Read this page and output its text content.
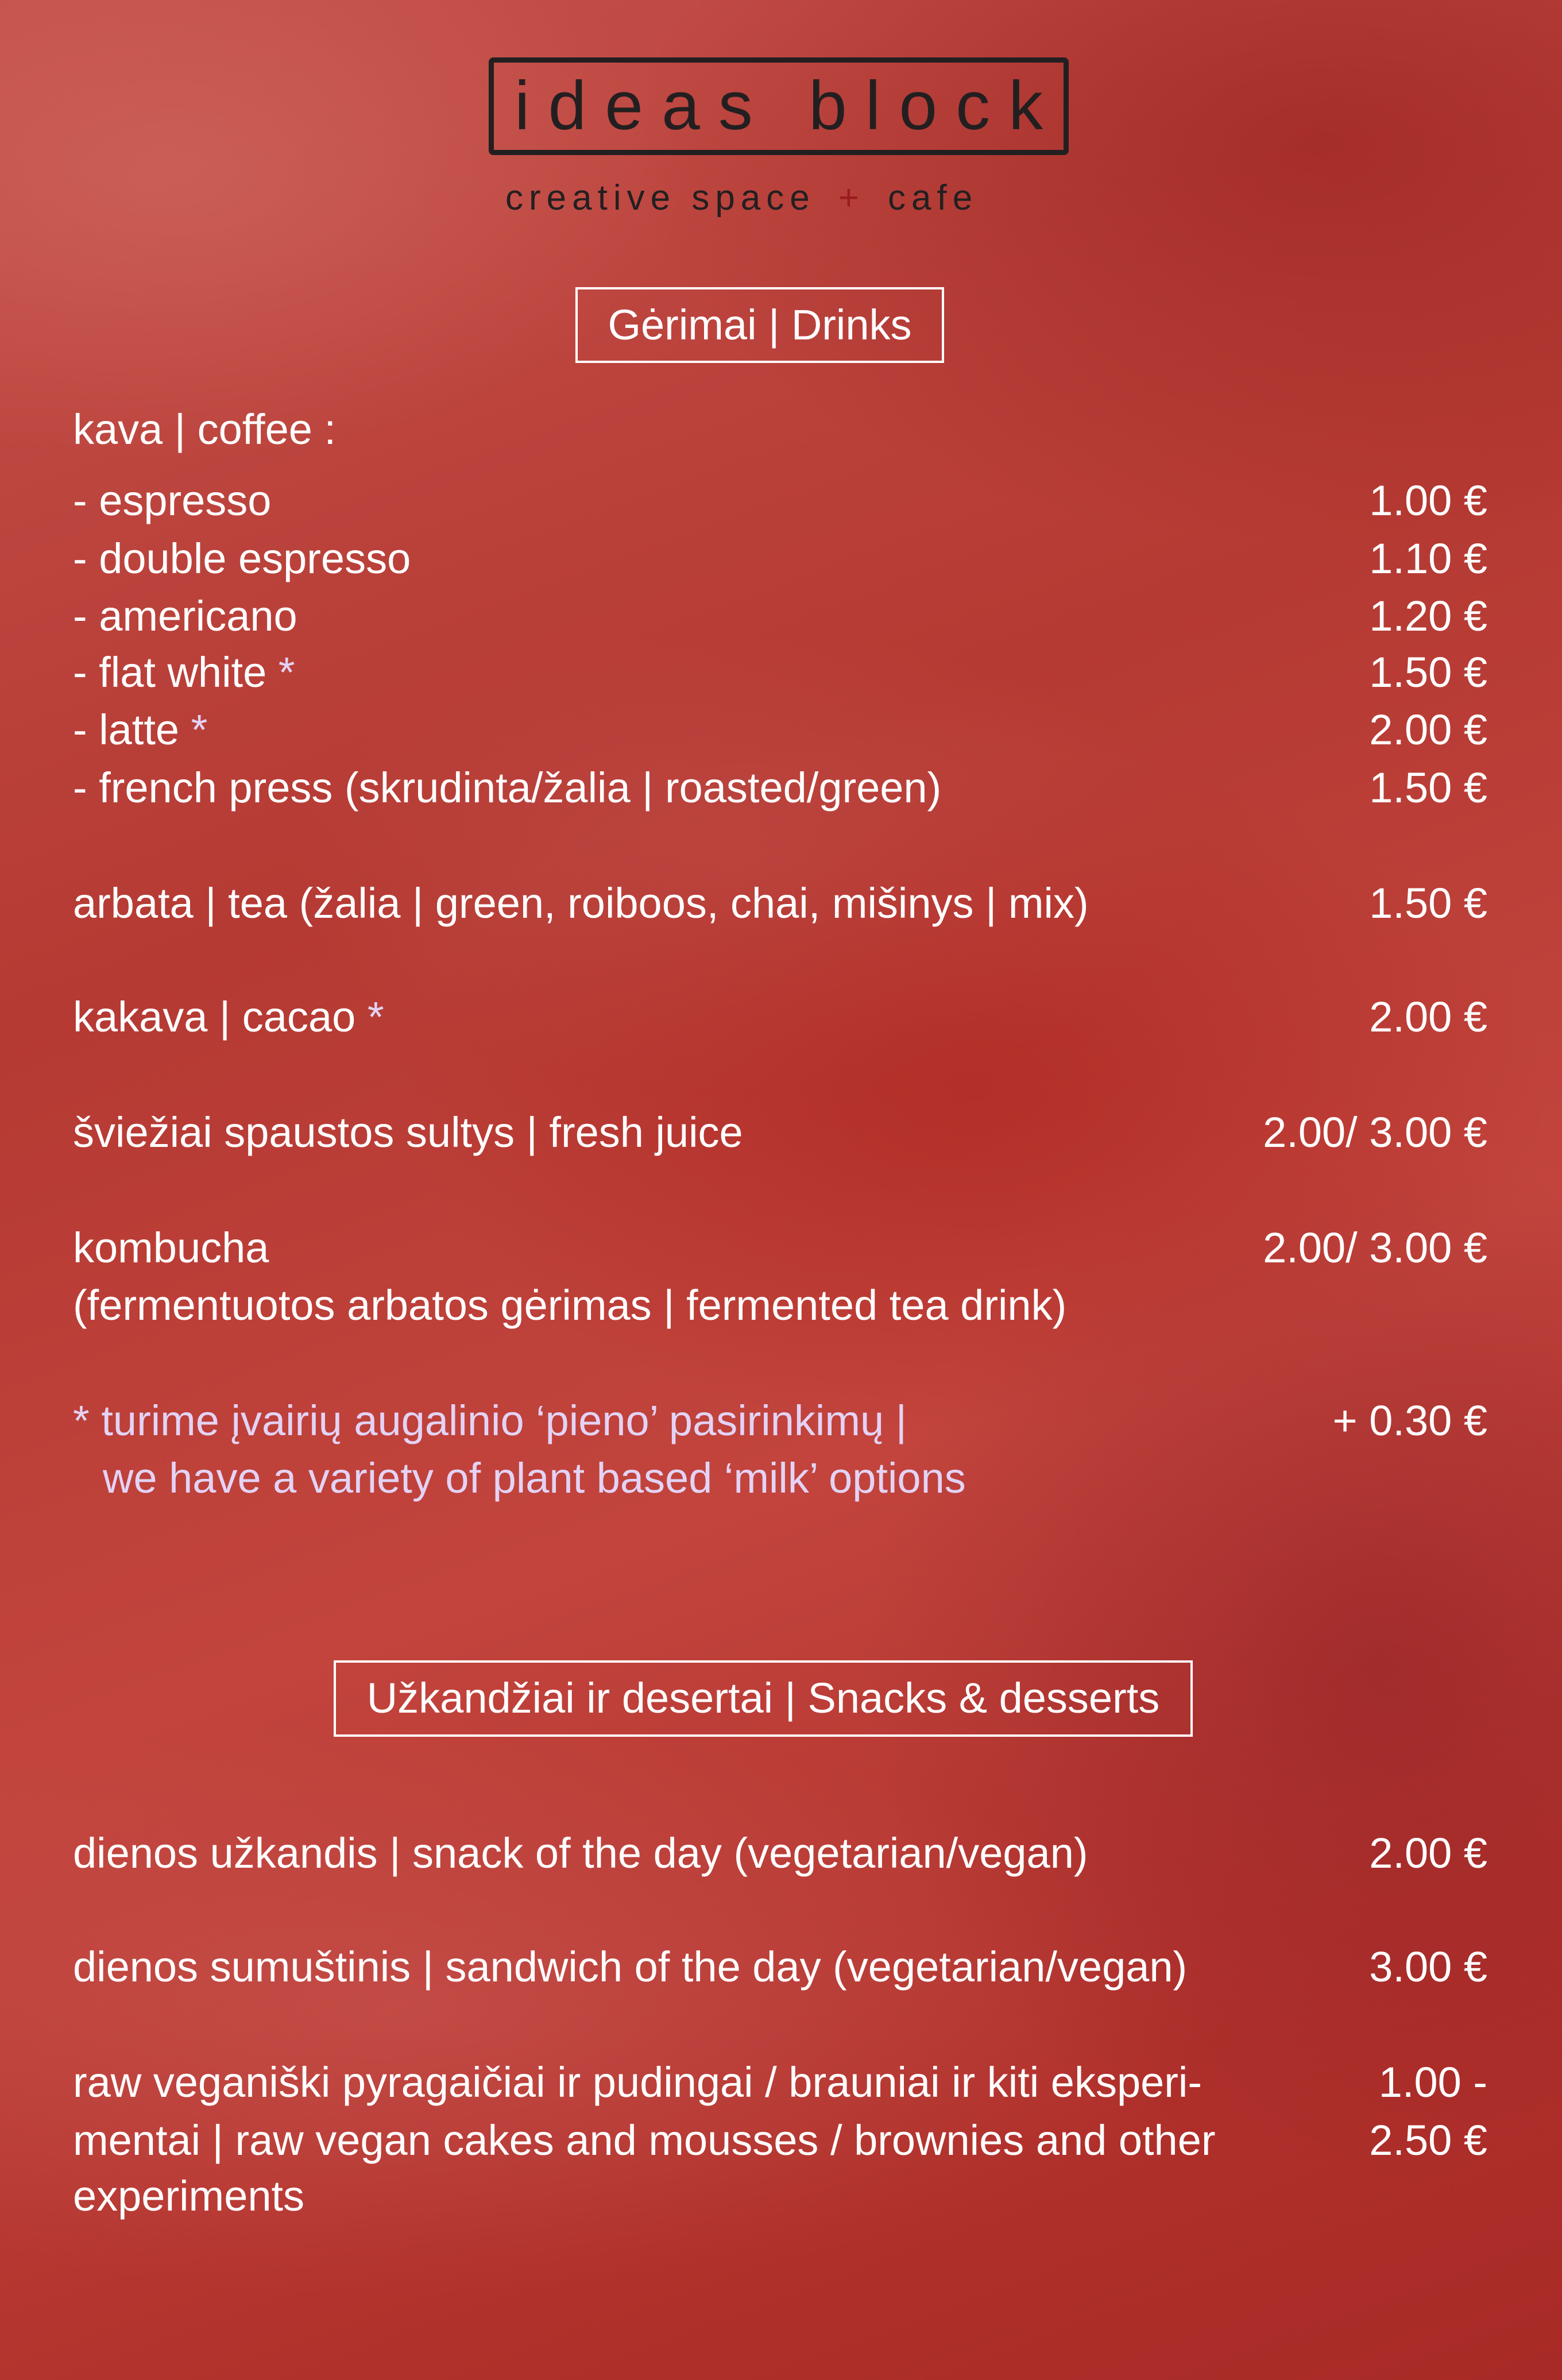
ideas block
creative space + cafe
Gėrimai | Drinks
kava | coffee :
- espresso	1.00 €
- double espresso	1.10 €
- americano	1.20 €
- flat white *	1.50 €
- latte *	2.00 €
- french press (skrudinta/žalia | roasted/green)	1.50 €
arbata | tea (žalia | green, roiboos, chai, mišinys | mix)	1.50 €
kakava | cacao *	2.00 €
šviežiai spaustos sultys | fresh juice	2.00/ 3.00 €
kombucha	2.00/ 3.00 €
(fermentuotos arbatos gėrimas | fermented tea drink)
* turime įvairių augalinio ‘pieno’ pasirinkimų |	+ 0.30 €
we have a variety of plant based ‘milk’ options
Užkandžiai ir desertai | Snacks & desserts
dienos užkandis | snack of the day (vegetarian/vegan)	2.00 €
dienos sumuštinis | sandwich of the day (vegetarian/vegan)	3.00 €
raw veganiški pyragaičiai ir pudingai / brauniai ir kiti eksperi-	1.00 -
mentai | raw vegan cakes and mousses / brownies and other	2.50 €
experiments
